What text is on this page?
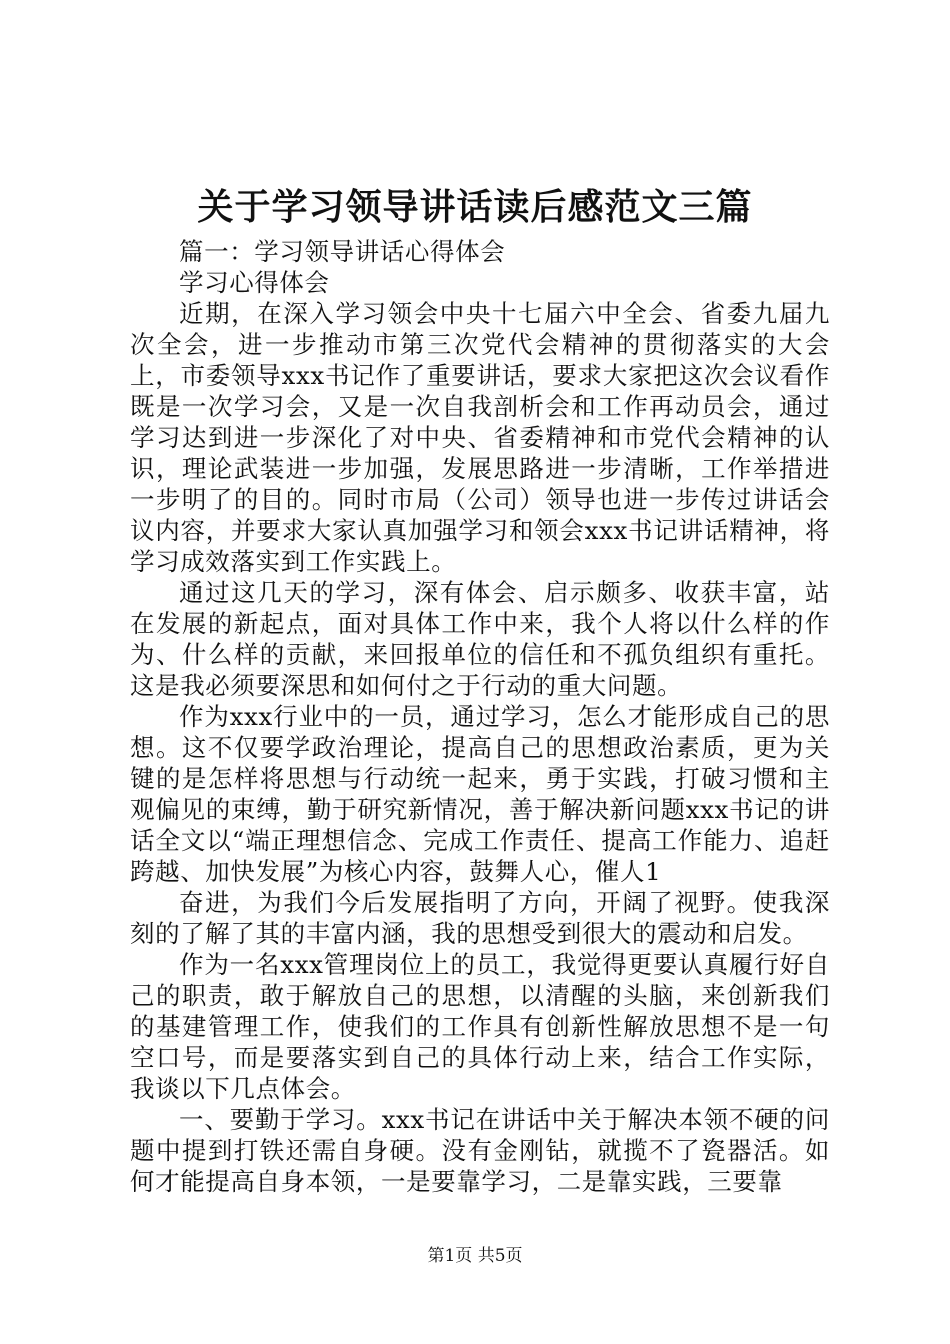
关于学习领导讲话读后感范文三篇

篇一：学习领导讲话心得体会

学习心得体会

近期，在深入学习领会中央十七届六中全会、省委九届九次全会，进一步推动市第三次党代会精神的贯彻落实的大会上，市委领导xxx书记作了重要讲话，要求大家把这次会议看作既是一次学习会，又是一次自我剖析会和工作再动员会，通过学习达到进一步深化了对中央、省委精神和市党代会精神的认识，理论武装进一步加强，发展思路进一步清晰，工作举措进一步明了的目的。同时市局（公司）领导也进一步传过讲话会议内容，并要求大家认真加强学习和领会xxx书记讲话精神，将学习成效落实到工作实践上。

通过这几天的学习，深有体会、启示颇多、收获丰富，站在发展的新起点，面对具体工作中来，我个人将以什么样的作为、什么样的贡献，来回报单位的信任和不孤负组织有重托。这是我必须要深思和如何付之于行动的重大问题。

作为xxx行业中的一员，通过学习，怎么才能形成自己的思想。这不仅要学政治理论，提高自己的思想政治素质，更为关键的是怎样将思想与行动统一起来，勇于实践，打破习惯和主观偏见的束缚，勤于研究新情况，善于解决新问题xxx书记的讲话全文以“端正理想信念、完成工作责任、提高工作能力、追赶跨越、加快发展”为核心内容，鼓舞人心，催人1

奋进，为我们今后发展指明了方向，开阔了视野。使我深刻的了解了其的丰富内涵，我的思想受到很大的震动和启发。

作为一名xxx管理岗位上的员工，我觉得更要认真履行好自己的职责，敢于解放自己的思想，以清醒的头脑，来创新我们的基建管理工作，使我们的工作具有创新性解放思想不是一句空口号，而是要落实到自己的具体行动上来，结合工作实际，我谈以下几点体会。

一、要勤于学习。xxx书记在讲话中关于解决本领不硬的问题中提到打铁还需自身硬。没有金刚钻，就揽不了瓷器活。如何才能提高自身本领，一是要靠学习，二是靠实践，三要靠

第1页 共5页
